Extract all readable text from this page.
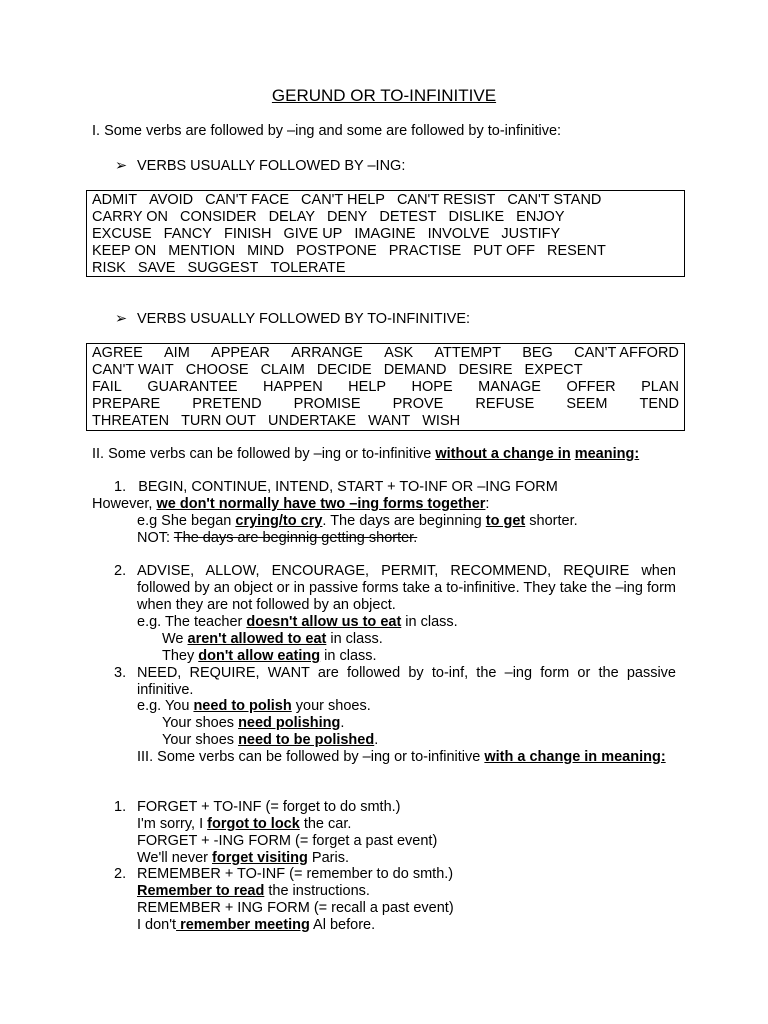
GERUND OR TO-INFINITIVE
I. Some verbs are followed by –ing and some are followed by to-infinitive:
➢ VERBS USUALLY FOLLOWED BY –ING:
ADMIT AVOID CAN'T FACE CAN'T HELP CAN'T RESIST CAN'T STAND
CARRY ON CONSIDER DELAY DENY DETEST DISLIKE ENJOY
EXCUSE FANCY FINISH GIVE UP IMAGINE INVOLVE JUSTIFY
KEEP ON MENTION MIND POSTPONE PRACTISE PUT OFF RESENT
RISK SAVE SUGGEST TOLERATE
➢ VERBS USUALLY FOLLOWED BY TO-INFINITIVE:
AGREE AIM APPEAR ARRANGE ASK ATTEMPT BEG CAN'T AFFORD
CAN'T WAIT CHOOSE CLAIM DECIDE DEMAND DESIRE EXPECT
FAIL GUARANTEE HAPPEN HELP HOPE MANAGE OFFER PLAN
PREPARE PRETEND PROMISE PROVE REFUSE SEEM TEND
THREATEN TURN OUT UNDERTAKE WANT WISH
II. Some verbs can be followed by –ing or to-infinitive without a change in meaning:
1. BEGIN, CONTINUE, INTEND, START + TO-INF OR –ING FORM
However, we don't normally have two –ing forms together:
e.g She began crying/to cry. The days are beginning to get shorter.
NOT: The days are beginnig getting shorter.
2. ADVISE, ALLOW, ENCOURAGE, PERMIT, RECOMMEND, REQUIRE when followed by an object or in passive forms take a to-infinitive. They take the –ing form when they are not followed by an object.
e.g. The teacher doesn't allow us to eat in class.
We aren't allowed to eat in class.
They don't allow eating in class.
3. NEED, REQUIRE, WANT are followed by to-inf, the –ing form or the passive infinitive.
e.g. You need to polish your shoes.
Your shoes need polishing.
Your shoes need to be polished.
III. Some verbs can be followed by –ing or to-infinitive with a change in meaning:
1. FORGET + TO-INF (= forget to do smth.)
I'm sorry, I forgot to lock the car.
FORGET + -ING FORM (= forget a past event)
We'll never forget visiting Paris.
2. REMEMBER + TO-INF (= remember to do smth.)
Remember to read the instructions.
REMEMBER + ING FORM (= recall a past event)
I don't remember meeting Al before.
